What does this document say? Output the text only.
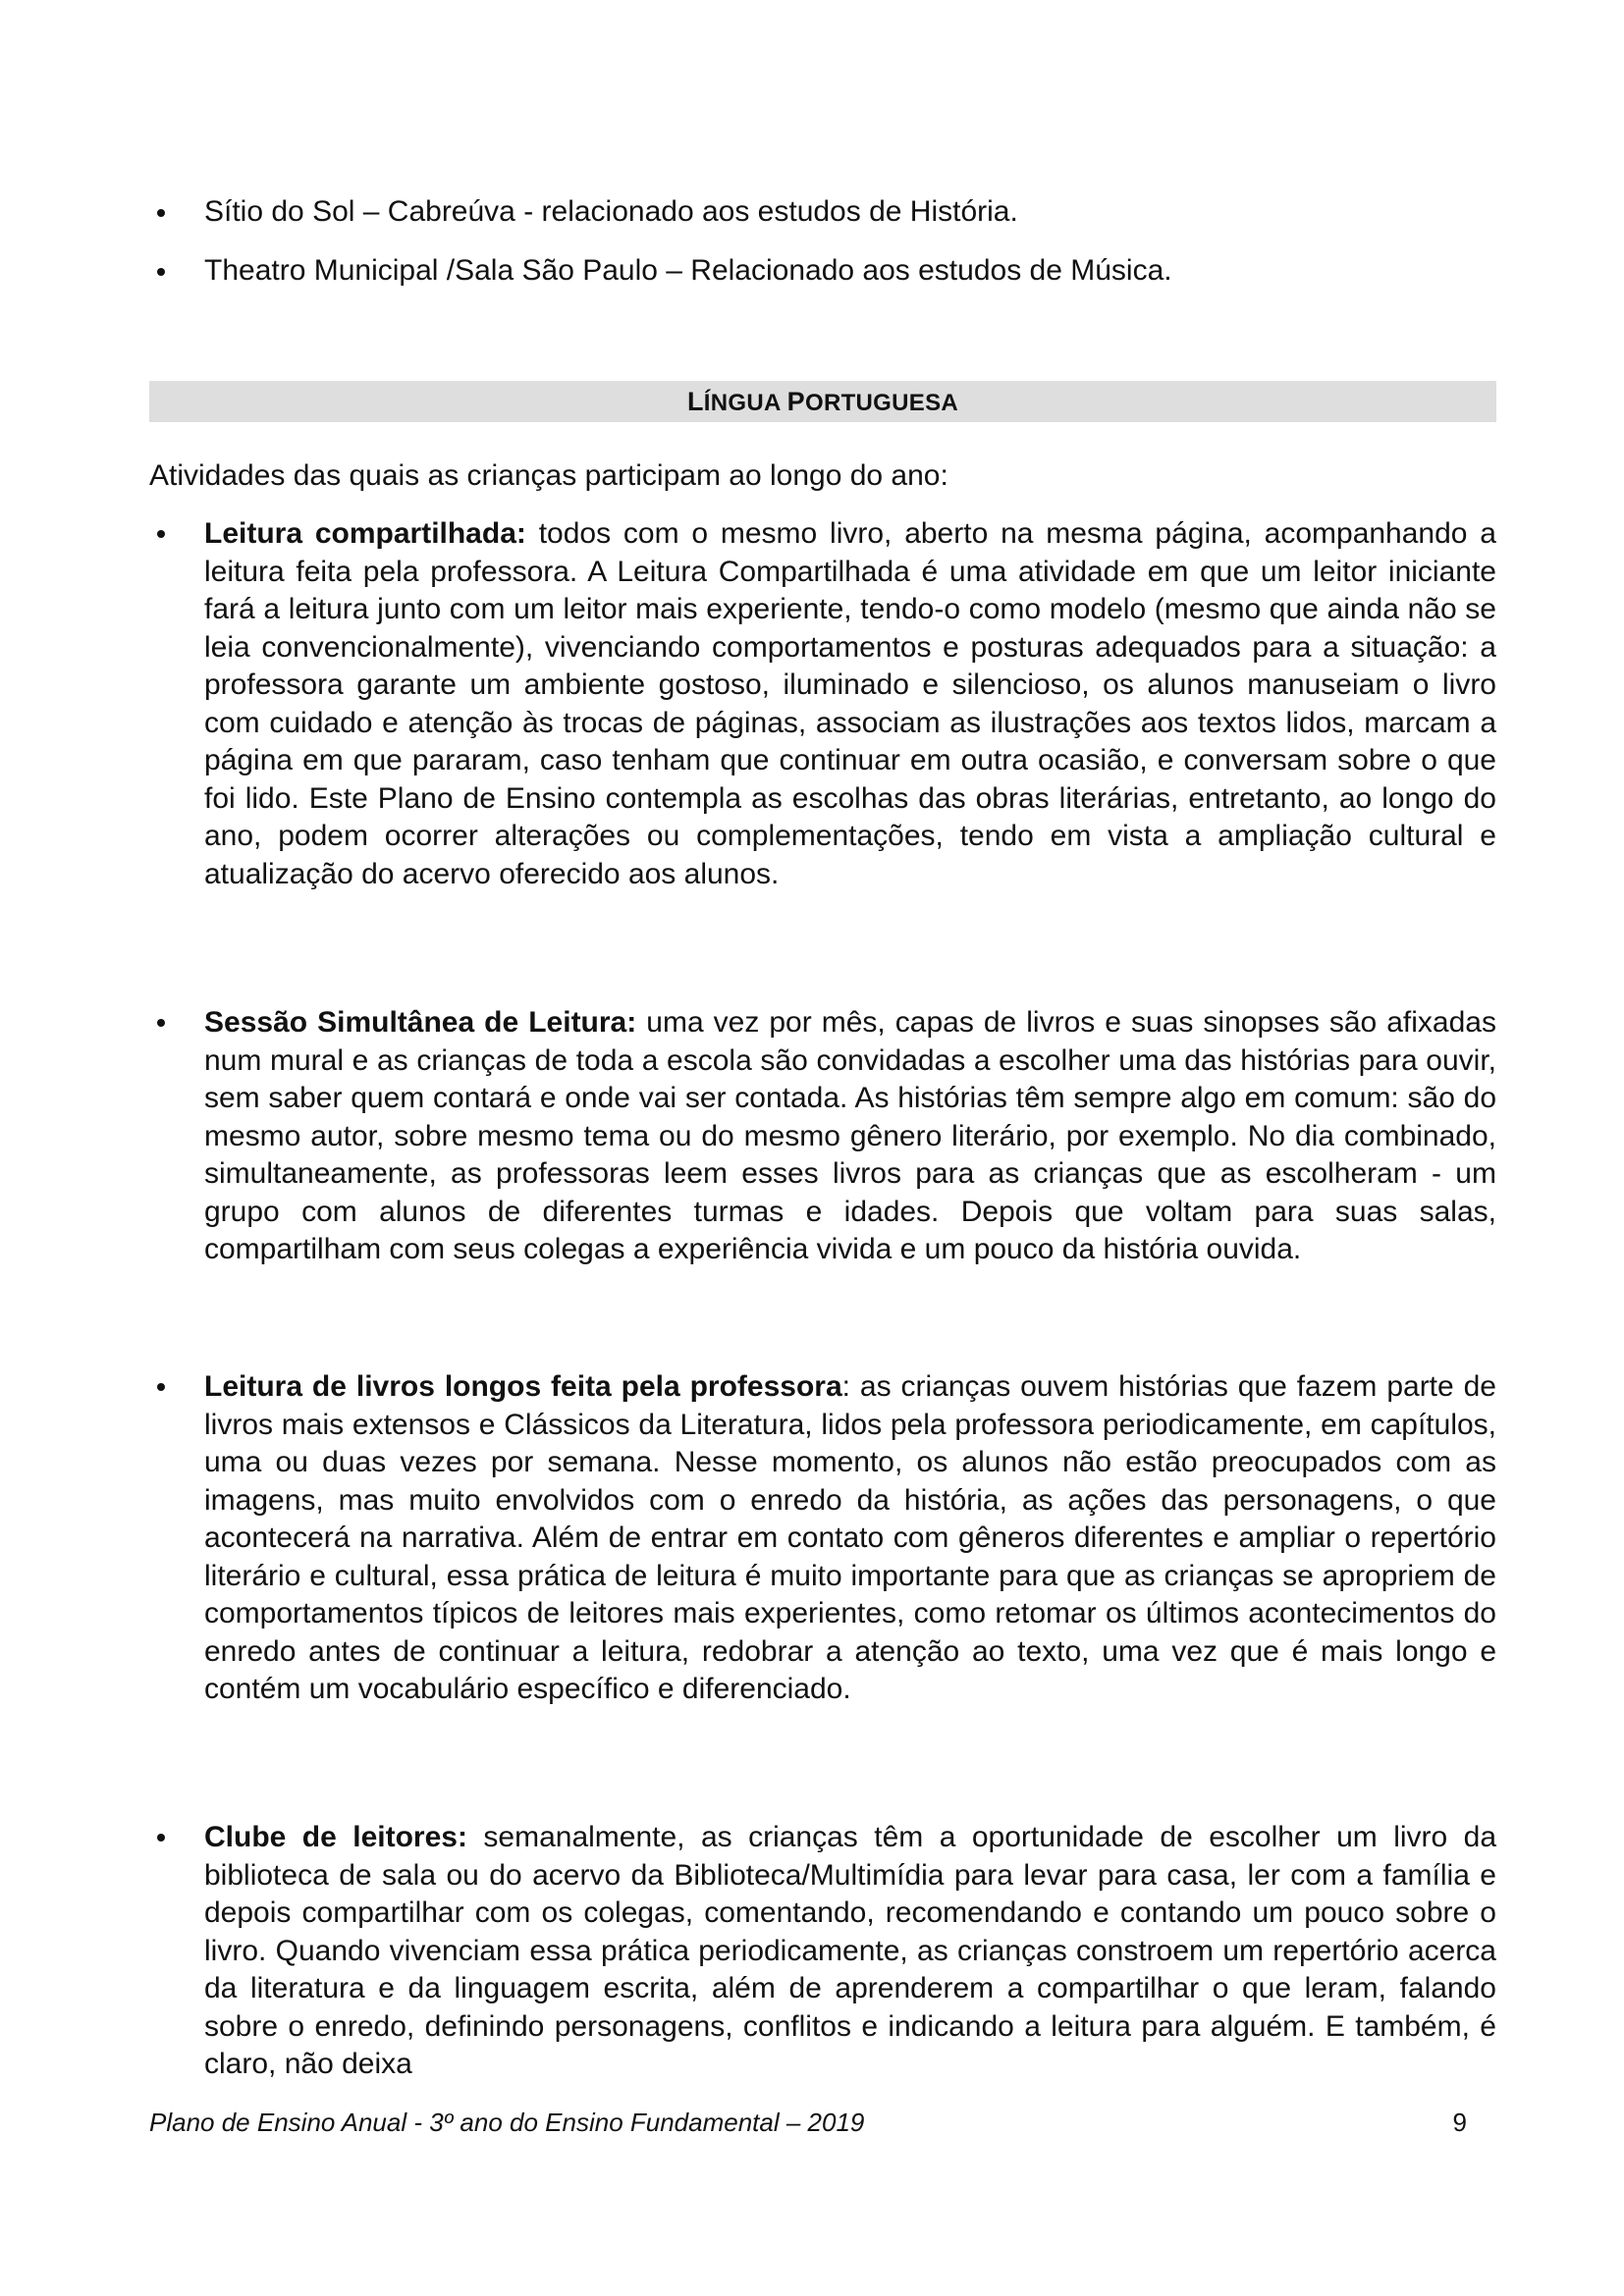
Sítio do Sol – Cabreúva - relacionado aos estudos de História.
Theatro Municipal /Sala São Paulo – Relacionado aos estudos de Música.
LÍNGUA PORTUGUESA

Atividades das quais as crianças participam ao longo do ano:

Leitura compartilhada: todos com o mesmo livro, aberto na mesma página, acompanhando a leitura feita pela professora. A Leitura Compartilhada é uma atividade em que um leitor iniciante fará a leitura junto com um leitor mais experiente, tendo-o como modelo (mesmo que ainda não se leia convencionalmente), vivenciando comportamentos e posturas adequados para a situação: a professora garante um ambiente gostoso, iluminado e silencioso, os alunos manuseiam o livro com cuidado e atenção às trocas de páginas, associam as ilustrações aos textos lidos, marcam a página em que pararam, caso tenham que continuar em outra ocasião, e conversam sobre o que foi lido. Este Plano de Ensino contempla as escolhas das obras literárias, entretanto, ao longo do ano, podem ocorrer alterações ou complementações, tendo em vista a ampliação cultural e atualização do acervo oferecido aos alunos.

Sessão Simultânea de Leitura: uma vez por mês, capas de livros e suas sinopses são afixadas num mural e as crianças de toda a escola são convidadas a escolher uma das histórias para ouvir, sem saber quem contará e onde vai ser contada. As histórias têm sempre algo em comum: são do mesmo autor, sobre mesmo tema ou do mesmo gênero literário, por exemplo. No dia combinado, simultaneamente, as professoras leem esses livros para as crianças que as escolheram - um grupo com alunos de diferentes turmas e idades. Depois que voltam para suas salas, compartilham com seus colegas a experiência vivida e um pouco da história ouvida.

Leitura de livros longos feita pela professora: as crianças ouvem histórias que fazem parte de livros mais extensos e Clássicos da Literatura, lidos pela professora periodicamente, em capítulos, uma ou duas vezes por semana. Nesse momento, os alunos não estão preocupados com as imagens, mas muito envolvidos com o enredo da história, as ações das personagens, o que acontecerá na narrativa. Além de entrar em contato com gêneros diferentes e ampliar o repertório literário e cultural, essa prática de leitura é muito importante para que as crianças se apropriem de comportamentos típicos de leitores mais experientes, como retomar os últimos acontecimentos do enredo antes de continuar a leitura, redobrar a atenção ao texto, uma vez que é mais longo e contém um vocabulário específico e diferenciado.

Clube de leitores: semanalmente, as crianças têm a oportunidade de escolher um livro da biblioteca de sala ou do acervo da Biblioteca/Multimídia para levar para casa, ler com a família e depois compartilhar com os colegas, comentando, recomendando e contando um pouco sobre o livro. Quando vivenciam essa prática periodicamente, as crianças constroem um repertório acerca da literatura e da linguagem escrita, além de aprenderem a compartilhar o que leram, falando sobre o enredo, definindo personagens, conflitos e indicando a leitura para alguém. E também, é claro, não deixa

Plano de Ensino Anual - 3º ano do Ensino Fundamental – 2019	9
